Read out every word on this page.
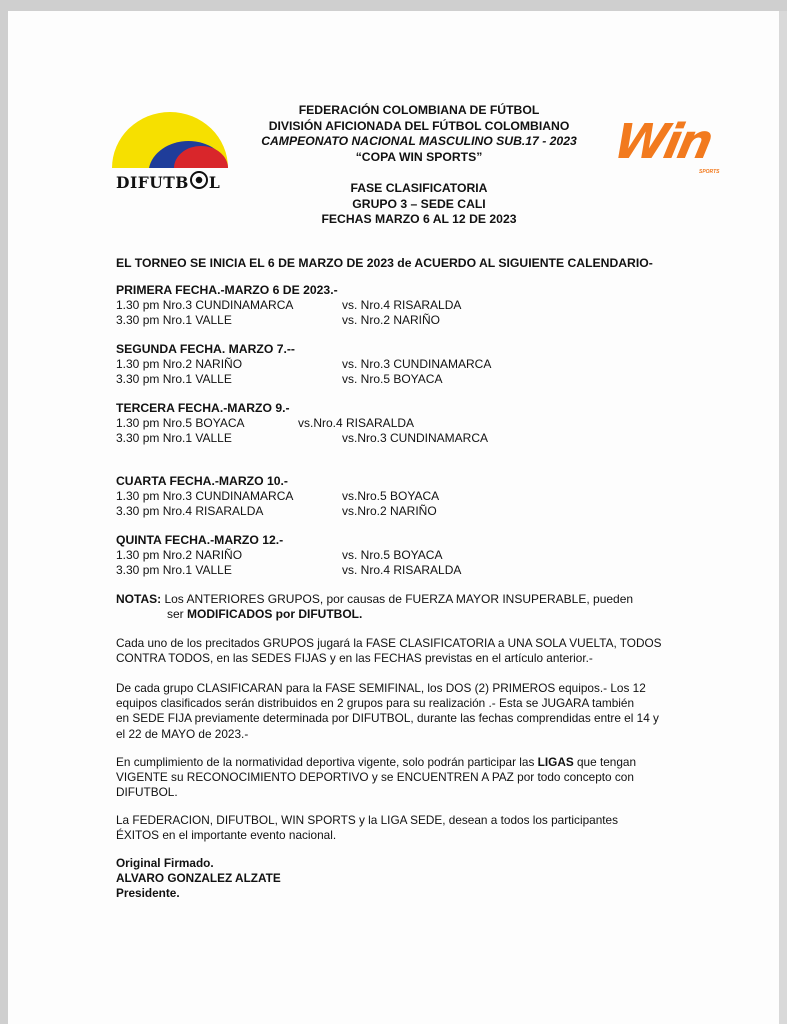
DIFUTB L
Win
SPORTS
FEDERACIÓN COLOMBIANA DE FÚTBOL
DIVISIÓN AFICIONADA DEL FÚTBOL COLOMBIANO
CAMPEONATO NACIONAL MASCULINO SUB.17 - 2023
“COPA WIN SPORTS”
FASE CLASIFICATORIA
GRUPO 3 – SEDE CALI
FECHAS MARZO 6 AL 12 DE 2023

EL TORNEO SE INICIA EL 6 DE MARZO DE 2023 de ACUERDO AL SIGUIENTE CALENDARIO-

PRIMERA FECHA.-MARZO 6 DE 2023.-

1.30 pm Nro.3 CUNDINAMARCA	vs. Nro.4 RISARALDA

3.30 pm Nro.1 VALLE	vs. Nro.2 NARIÑO

SEGUNDA FECHA. MARZO 7.--

1.30 pm Nro.2 NARIÑO	vs. Nro.3 CUNDINAMARCA

3.30 pm Nro.1 VALLE	vs. Nro.5 BOYACA

TERCERA FECHA.-MARZO 9.-

1.30 pm Nro.5 BOYACA	vs.Nro.4 RISARALDA

3.30 pm Nro.1 VALLE	vs.Nro.3 CUNDINAMARCA

CUARTA FECHA.-MARZO 10.-

1.30 pm Nro.3 CUNDINAMARCA	vs.Nro.5 BOYACA

3.30 pm Nro.4 RISARALDA	vs.Nro.2 NARIÑO

QUINTA FECHA.-MARZO 12.-

1.30 pm Nro.2 NARIÑO	vs. Nro.5 BOYACA

3.30 pm Nro.1 VALLE	vs. Nro.4 RISARALDA

NOTAS: Los ANTERIORES GRUPOS, por causas de FUERZA MAYOR INSUPERABLE, pueden

ser MODIFICADOS por DIFUTBOL.

Cada uno de los precitados GRUPOS jugará la FASE CLASIFICATORIA a UNA SOLA VUELTA, TODOS
CONTRA TODOS, en las SEDES FIJAS y en las FECHAS previstas en el artículo anterior.-
De cada grupo CLASIFICARAN para la FASE SEMIFINAL, los DOS (2) PRIMEROS equipos.- Los 12
equipos clasificados serán distribuidos en 2 grupos para su realización .- Esta se JUGARA también
en SEDE FIJA previamente determinada por DIFUTBOL, durante las fechas comprendidas entre el 14 y
el 22 de MAYO de 2023.-
En cumplimiento de la normatividad deportiva vigente, solo podrán participar las LIGAS que tengan
VIGENTE su RECONOCIMIENTO DEPORTIVO y se ENCUENTREN A PAZ por todo concepto con
DIFUTBOL.
La FEDERACION, DIFUTBOL, WIN SPORTS y la LIGA SEDE, desean a todos los participantes
ÉXITOS en el importante evento nacional.
Original Firmado.
ALVARO GONZALEZ ALZATE
Presidente.
